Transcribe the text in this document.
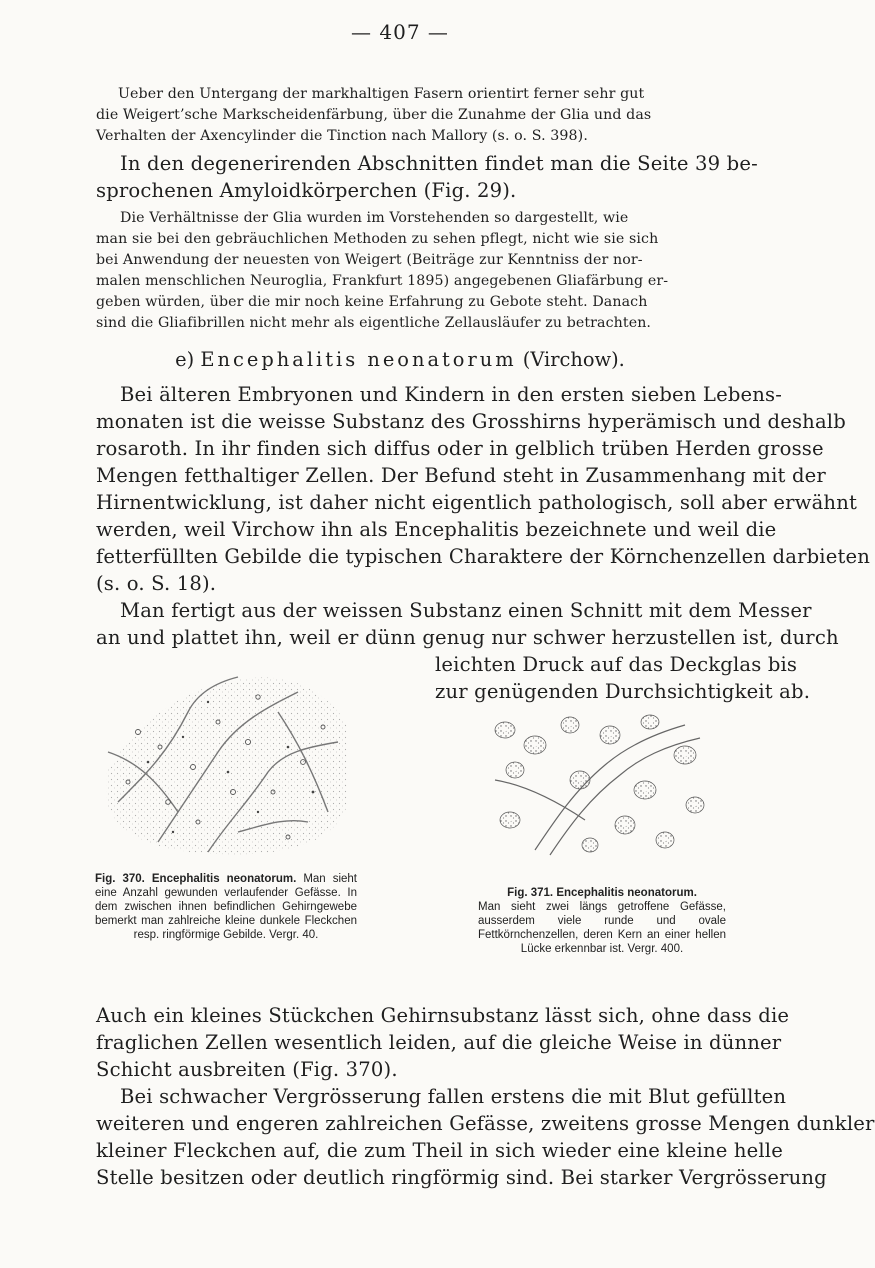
— 407 —
Ueber den Untergang der markhaltigen Fasern orientirt ferner sehr gut
die Weigert’sche Markscheidenfärbung, über die Zunahme der Glia und das
Verhalten der Axencylinder die Tinction nach Mallory (s. o. S. 398).
In den degenerirenden Abschnitten findet man die Seite 39 be-
sprochenen Amyloidkörperchen (Fig. 29).
Die Verhältnisse der Glia wurden im Vorstehenden so dargestellt, wie
man sie bei den gebräuchlichen Methoden zu sehen pflegt, nicht wie sie sich
bei Anwendung der neuesten von Weigert (Beiträge zur Kenntniss der nor-
malen menschlichen Neuroglia, Frankfurt 1895) angegebenen Gliafärbung er-
geben würden, über die mir noch keine Erfahrung zu Gebote steht. Danach
sind die Gliafibrillen nicht mehr als eigentliche Zellausläufer zu betrachten.
e) Encephalitis neonatorum (Virchow).
Bei älteren Embryonen und Kindern in den ersten sieben Lebens-
monaten ist die weisse Substanz des Grosshirns hyperämisch und deshalb
rosaroth. In ihr finden sich diffus oder in gelblich trüben Herden grosse
Mengen fetthaltiger Zellen. Der Befund steht in Zusammenhang mit der
Hirnentwicklung, ist daher nicht eigentlich pathologisch, soll aber erwähnt
werden, weil Virchow ihn als Encephalitis bezeichnete und weil die
fetterfüllten Gebilde die typischen Charaktere der Körnchenzellen darbieten
(s. o. S. 18).
Man fertigt aus der weissen Substanz einen Schnitt mit dem Messer
an und plattet ihn, weil er dünn genug nur schwer herzustellen ist, durch
leichten Druck auf das Deckglas bis
zur genügenden Durchsichtigkeit ab.
Fig. 370. Encephalitis neonatorum. Man sieht eine Anzahl gewunden verlaufender Gefässe. In dem zwischen ihnen befindlichen Gehirngewebe bemerkt man zahlreiche kleine dunkele Fleckchen resp. ringförmige Gebilde. Vergr. 40.
Fig. 371. Encephalitis neonatorum.
Man sieht zwei längs getroffene Gefässe, ausserdem viele runde und ovale Fettkörnchenzellen, deren Kern an einer hellen Lücke erkennbar ist. Vergr. 400.
Auch ein kleines Stückchen Gehirnsubstanz lässt sich, ohne dass die
fraglichen Zellen wesentlich leiden, auf die gleiche Weise in dünner
Schicht ausbreiten (Fig. 370).
Bei schwacher Vergrösserung fallen erstens die mit Blut gefüllten
weiteren und engeren zahlreichen Gefässe, zweitens grosse Mengen dunkler
kleiner Fleckchen auf, die zum Theil in sich wieder eine kleine helle
Stelle besitzen oder deutlich ringförmig sind. Bei starker Vergrösserung
